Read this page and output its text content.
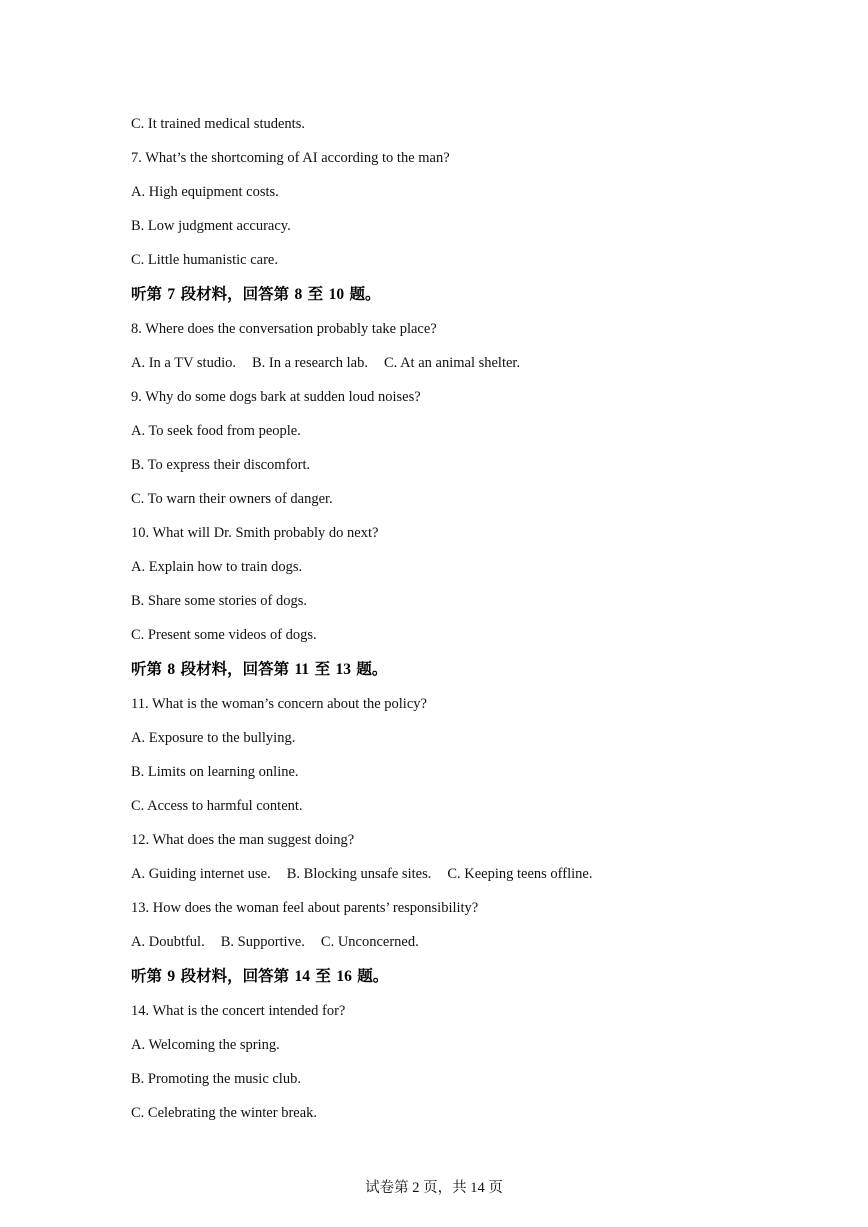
C. It trained medical students.
7. What’s the shortcoming of AI according to the man?
A. High equipment costs.
B. Low judgment accuracy.
C. Little humanistic care.
听第 7 段材料，回答第 8 至 10 题。
8. Where does the conversation probably take place?
A. In a TV studio. B. In a research lab. C. At an animal shelter.
9. Why do some dogs bark at sudden loud noises?
A. To seek food from people.
B. To express their discomfort.
C. To warn their owners of danger.
10. What will Dr. Smith probably do next?
A. Explain how to train dogs.
B. Share some stories of dogs.
C. Present some videos of dogs.
听第 8 段材料，回答第 11 至 13 题。
11. What is the woman’s concern about the policy?
A. Exposure to the bullying.
B. Limits on learning online.
C. Access to harmful content.
12. What does the man suggest doing?
A. Guiding internet use. B. Blocking unsafe sites. C. Keeping teens offline.
13. How does the woman feel about parents’ responsibility?
A. Doubtful. B. Supportive. C. Unconcerned.
听第 9 段材料，回答第 14 至 16 题。
14. What is the concert intended for?
A. Welcoming the spring.
B. Promoting the music club.
C. Celebrating the winter break.
试卷第 2 页，共 14 页
